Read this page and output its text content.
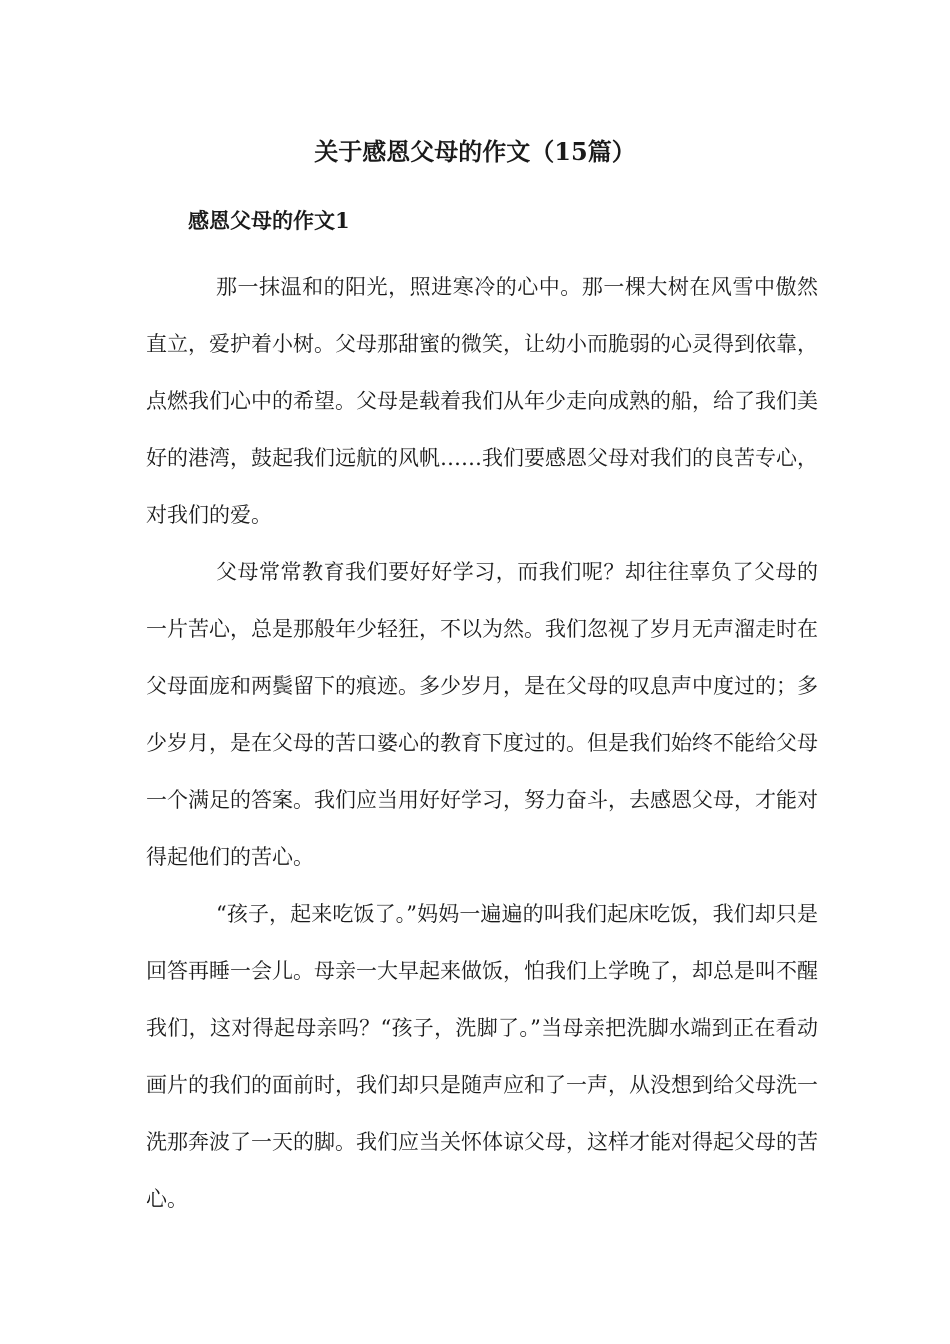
关于感恩父母的作文（15篇）
感恩父母的作文1

那一抹温和的阳光，照进寒冷的心中。那一棵大树在风雪中傲然直立，爱护着小树。父母那甜蜜的微笑，让幼小而脆弱的心灵得到依靠，点燃我们心中的希望。父母是载着我们从年少走向成熟的船，给了我们美好的港湾，鼓起我们远航的风帆……我们要感恩父母对我们的良苦专心，对我们的爱。

父母常常教育我们要好好学习，而我们呢？却往往辜负了父母的一片苦心，总是那般年少轻狂，不以为然。我们忽视了岁月无声溜走时在父母面庞和两鬓留下的痕迹。多少岁月，是在父母的叹息声中度过的；多少岁月，是在父母的苦口婆心的教育下度过的。但是我们始终不能给父母一个满足的答案。我们应当用好好学习，努力奋斗，去感恩父母，才能对得起他们的苦心。

“孩子，起来吃饭了。”妈妈一遍遍的叫我们起床吃饭，我们却只是回答再睡一会儿。母亲一大早起来做饭，怕我们上学晚了，却总是叫不醒我们，这对得起母亲吗？“孩子，洗脚了。”当母亲把洗脚水端到正在看动画片的我们的面前时，我们却只是随声应和了一声，从没想到给父母洗一洗那奔波了一天的脚。我们应当关怀体谅父母，这样才能对得起父母的苦心。
